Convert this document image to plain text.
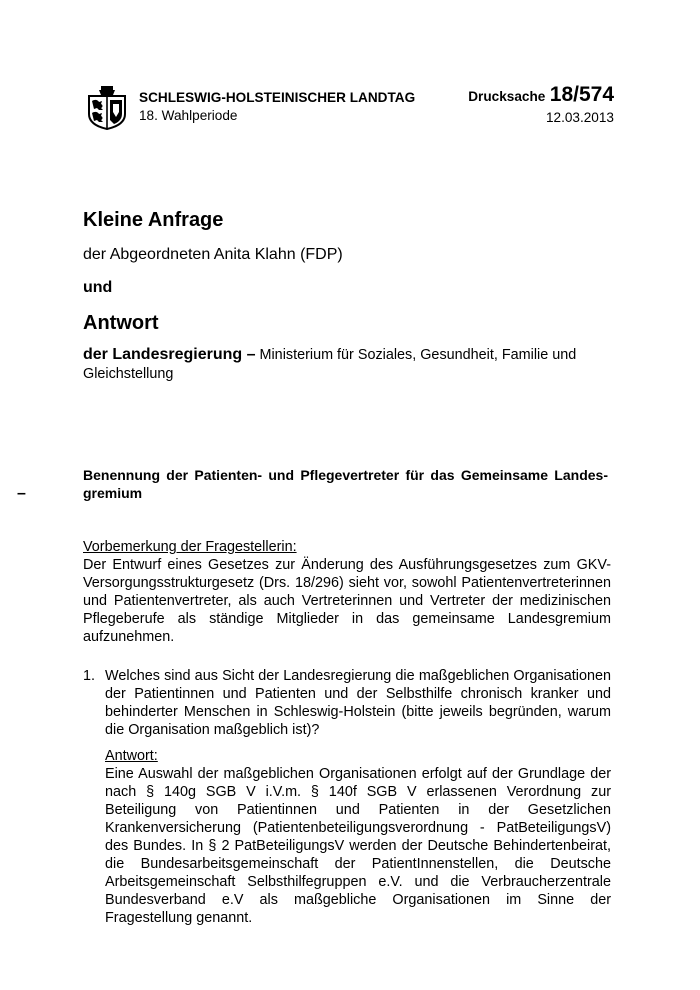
SCHLESWIG-HOLSTEINISCHER LANDTAG
18. Wahlperiode
Drucksache 18/574
12.03.2013
Kleine Anfrage
der Abgeordneten Anita Klahn (FDP)
und
Antwort
der Landesregierung – Ministerium für Soziales, Gesundheit, Familie und Gleichstellung
Benennung der Patienten- und Pflegevertreter für das Gemeinsame Landes-gremium
–
Vorbemerkung der Fragestellerin:
Der Entwurf eines Gesetzes zur Änderung des Ausführungsgesetzes zum GKV-Versorgungsstrukturgesetz (Drs. 18/296) sieht vor, sowohl Patientenvertreterinnen und Patientenvertreter, als auch Vertreterinnen und Vertreter der medizinischen Pflegeberufe als ständige Mitglieder in das gemeinsame Landesgremium aufzunehmen.
1. Welches sind aus Sicht der Landesregierung die maßgeblichen Organisationen der Patientinnen und Patienten und der Selbsthilfe chronisch kranker und behinderter Menschen in Schleswig-Holstein (bitte jeweils begründen, warum die Organisation maßgeblich ist)?
Antwort:
Eine Auswahl der maßgeblichen Organisationen erfolgt auf der Grundlage der nach § 140g SGB V i.V.m. § 140f SGB V erlassenen Verordnung zur Beteiligung von Patientinnen und Patienten in der Gesetzlichen Krankenversicherung (Patientenbeteiligungsverordnung - PatBeteiligungsV) des Bundes. In § 2 PatBeteiligungsV werden der Deutsche Behindertenbeirat, die Bundesarbeitsgemeinschaft der PatientInnenstellen, die Deutsche Arbeitsgemeinschaft Selbsthilfegruppen e.V. und die Verbraucherzentrale Bundesverband e.V als maßgebliche Organisationen im Sinne der Fragestellung genannt.
